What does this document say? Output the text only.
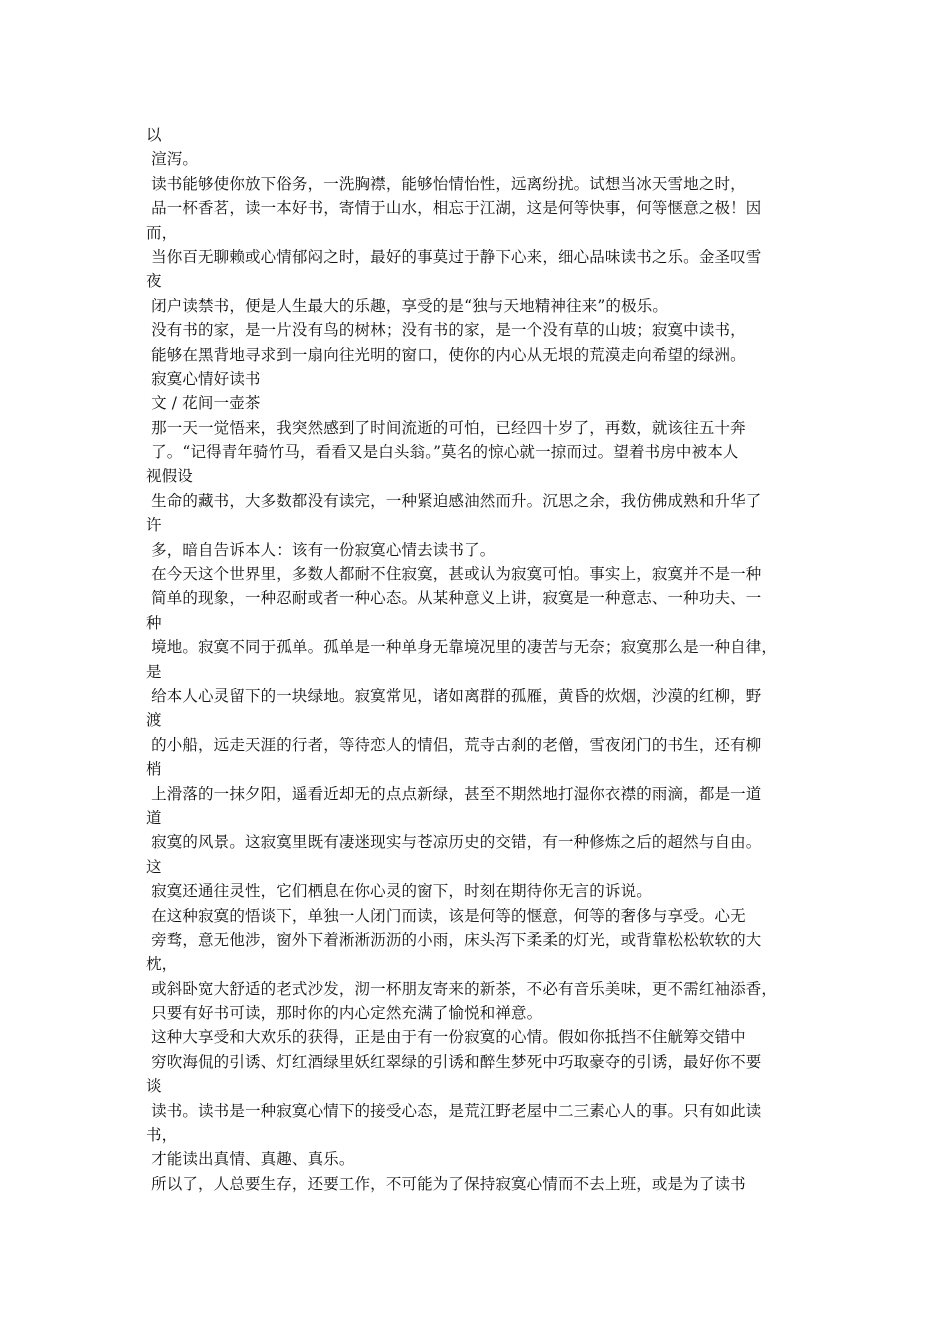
以
渲泻。
读书能够使你放下俗务，一洗胸襟，能够怡情怡性，远离纷扰。试想当冰天雪地之时，
品一杯香茗，读一本好书，寄情于山水，相忘于江湖，这是何等快事，何等惬意之极！因
而，
当你百无聊赖或心情郁闷之时，最好的事莫过于静下心来，细心品味读书之乐。金圣叹雪
夜
闭户读禁书，便是人生最大的乐趣，享受的是“独与天地精神往来”的极乐。
没有书的家，是一片没有鸟的树林；没有书的家，是一个没有草的山坡；寂寞中读书，
能够在黑背地寻求到一扇向往光明的窗口，使你的内心从无垠的荒漠走向希望的绿洲。
寂寞心情好读书
文 / 花间一壶茶
那一天一觉悟来，我突然感到了时间流逝的可怕，已经四十岁了，再数，就该往五十奔
了。“记得青年骑竹马，看看又是白头翁。”莫名的惊心就一掠而过。望着书房中被本人
视假设
生命的藏书，大多数都没有读完，一种紧迫感油然而升。沉思之余，我仿佛成熟和升华了
许
多，暗自告诉本人：该有一份寂寞心情去读书了。
在今天这个世界里，多数人都耐不住寂寞，甚或认为寂寞可怕。事实上，寂寞并不是一种
简单的现象，一种忍耐或者一种心态。从某种意义上讲，寂寞是一种意志、一种功夫、一
种
境地。寂寞不同于孤单。孤单是一种单身无靠境况里的凄苦与无奈；寂寞那么是一种自律，
是
给本人心灵留下的一块绿地。寂寞常见，诸如离群的孤雁，黄昏的炊烟，沙漠的红柳，野
渡
的小船，远走天涯的行者，等待恋人的情侣，荒寺古刹的老僧，雪夜闭门的书生，还有柳
梢
上滑落的一抹夕阳，遥看近却无的点点新绿，甚至不期然地打湿你衣襟的雨滴，都是一道
道
寂寞的风景。这寂寞里既有凄迷现实与苍凉历史的交错，有一种修炼之后的超然与自由。
这
寂寞还通往灵性，它们栖息在你心灵的窗下，时刻在期待你无言的诉说。
在这种寂寞的悟谈下，单独一人闭门而读，该是何等的惬意，何等的奢侈与享受。心无
旁骛，意无他涉，窗外下着淅淅沥沥的小雨，床头泻下柔柔的灯光，或背靠松松软软的大
枕，
或斜卧宽大舒适的老式沙发，沏一杯朋友寄来的新茶，不必有音乐美味，更不需红袖添香，
只要有好书可读，那时你的内心定然充满了愉悦和禅意。
这种大享受和大欢乐的获得，正是由于有一份寂寞的心情。假如你抵挡不住觥筹交错中
穷吹海侃的引诱、灯红酒绿里妖红翠绿的引诱和醉生梦死中巧取豪夺的引诱，最好你不要
谈
读书。读书是一种寂寞心情下的接受心态，是荒江野老屋中二三素心人的事。只有如此读
书，
才能读出真情、真趣、真乐。
所以了，人总要生存，还要工作，不可能为了保持寂寞心情而不去上班，或是为了读书
